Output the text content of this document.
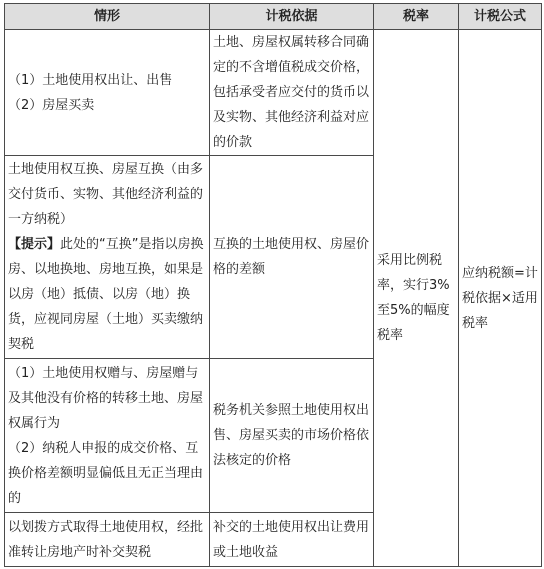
情形	计税依据	税率	计税公式

（1）土地使用权出让、出售
（2）房屋买卖	土地、房屋权属转移合同确定的不含增值税成交价格，包括承受者应交付的货币以及实物、其他经济利益对应的价款	采用比例税率，实行3%至5%的幅度税率	应纳税额=计税依据×适用税率
土地使用权互换、房屋互换（由多交付货币、实物、其他经济利益的一方纳税）
【提示】此处的“互换”是指以房换房、以地换地、房地互换，如果是以房（地）抵债、以房（地）换货，应视同房屋（土地）买卖缴纳契税	互换的土地使用权、房屋价格的差额		

（1）土地使用权赠与、房屋赠与及其他没有价格的转移土地、房屋权属行为
（2）纳税人申报的成交价格、互换价格差额明显偏低且无正当理由的	税务机关参照土地使用权出售、房屋买卖的市场价格依法核定的价格		
以划拨方式取得土地使用权，经批准转让房地产时补交契税	补交的土地使用权出让费用或土地收益		
